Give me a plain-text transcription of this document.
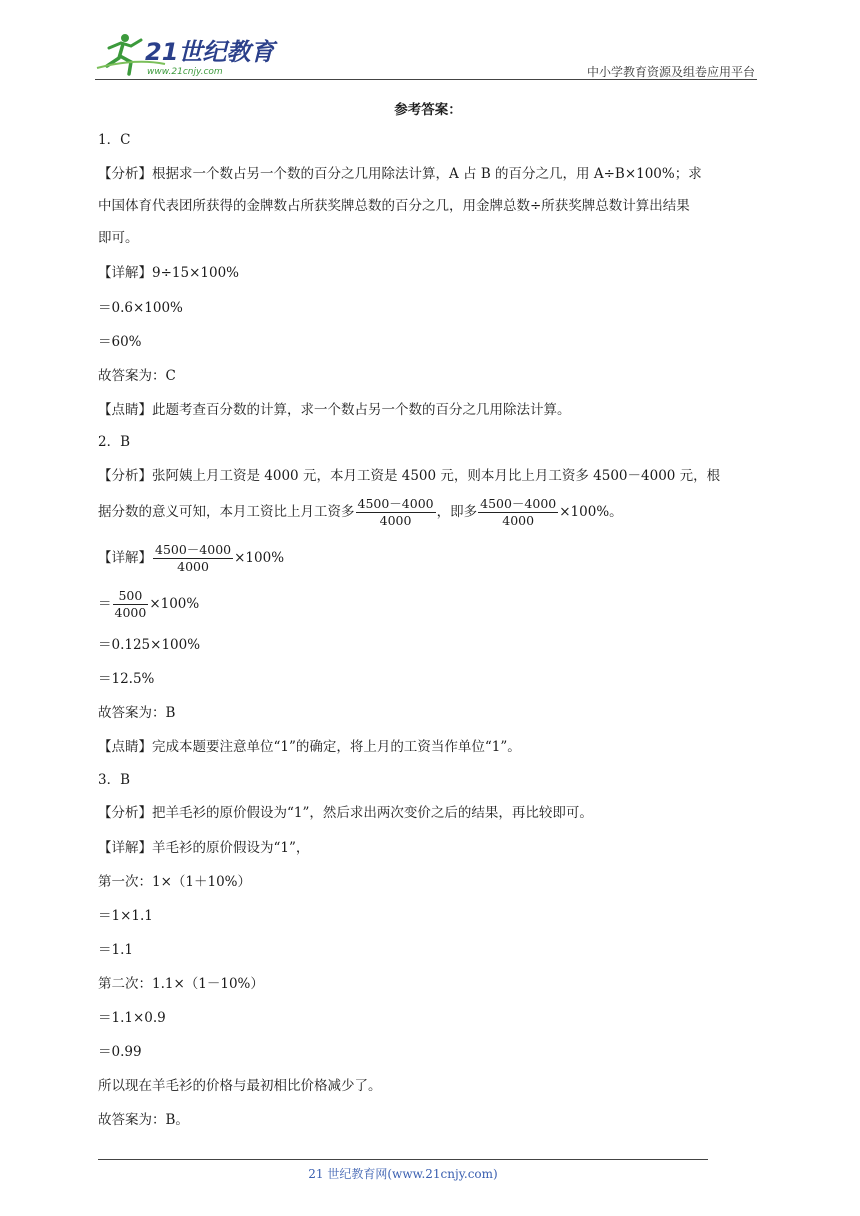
21世纪教育
www.21cnjy.com	中小学教育资源及组卷应用平台
参考答案：
1．C
【分析】根据求一个数占另一个数的百分之几用除法计算，A 占 B 的百分之几，用 A÷B×100%；求
中国体育代表团所获得的金牌数占所获奖牌总数的百分之几，用金牌总数÷所获奖牌总数计算出结果
即可。
【详解】9÷15×100%
＝0.6×100%
＝60%
故答案为：C
【点睛】此题考查百分数的计算，求一个数占另一个数的百分之几用除法计算。
2．B
【分析】张阿姨上月工资是 4000 元，本月工资是 4500 元，则本月比上月工资多 4500－4000 元，根
据分数的意义可知，本月工资比上月工资多 $\frac{4500-4000}{4000}$ ，即多 $\frac{4500-4000}{4000} \times 100\%$。
【详解】 $\frac{4500-4000}{4000} \times 100\%$
＝ $\frac{500}{4000} \times 100\%$
＝0.125×100%
＝12.5%
故答案为：B
【点睛】完成本题要注意单位“1”的确定，将上月的工资当作单位“1”。
3．B
【分析】把羊毛衫的原价假设为“1”，然后求出两次变价之后的结果，再比较即可。
【详解】羊毛衫的原价假设为“1”，
第一次：1×（1＋10%）
＝1×1.1
＝1.1
第二次：1.1×（1－10%）
＝1.1×0.9
＝0.99
所以现在羊毛衫的价格与最初相比价格减少了。
故答案为：B。
21 世纪教育网(www.21cnjy.com)
